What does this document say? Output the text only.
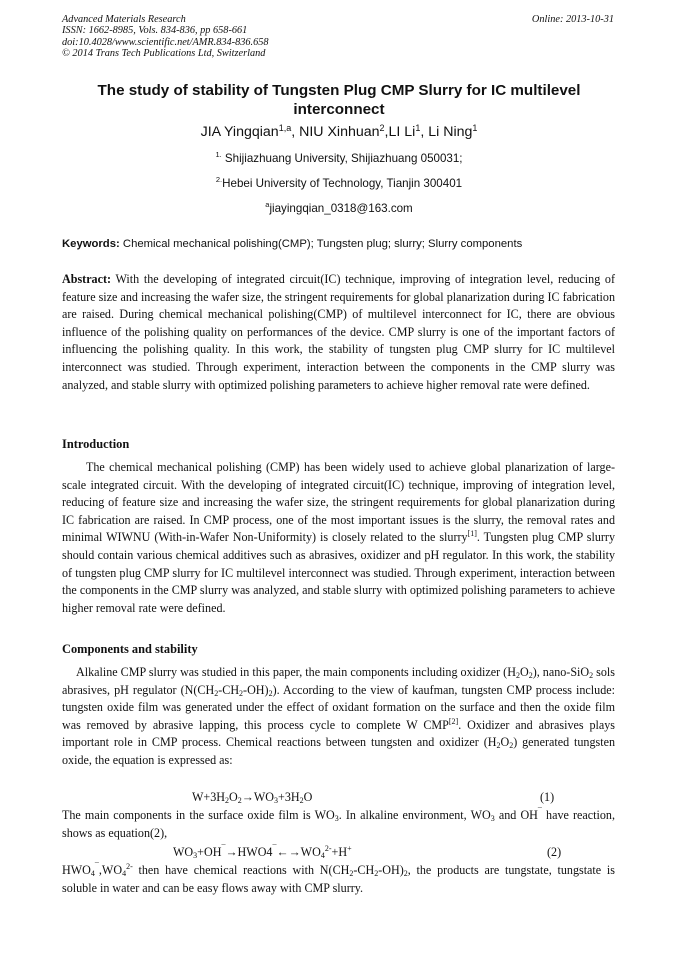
Advanced Materials Research
ISSN: 1662-8985, Vols. 834-836, pp 658-661
doi:10.4028/www.scientific.net/AMR.834-836.658
© 2014 Trans Tech Publications Ltd, Switzerland
Online: 2013-10-31
The study of stability of Tungsten Plug CMP Slurry for IC multilevel interconnect
JIA Yingqian$^{1,a}$, NIU Xinhuan$^2$,LI Li$^1$, Li Ning$^1$
$^{1.}$ Shijiazhuang University, Shijiazhuang 050031;
$^{2.}$Hebei University of Technology, Tianjin 300401
$^a$jiayingqian_0318@163.com
Keywords: Chemical mechanical polishing(CMP); Tungsten plug; slurry; Slurry components

Abstract: With the developing of integrated circuit(IC) technique, improving of integration level, reducing of feature size and increasing the wafer size, the stringent requirements for global planarization during IC fabrication are raised. During chemical mechanical polishing(CMP) of multilevel interconnect for IC, there are obvious influence of the polishing quality on performances of the device. CMP slurry is one of the important factors of influencing the polishing quality. In this work, the stability of tungsten plug CMP slurry for IC multilevel interconnect was studied. Through experiment, interaction between the components in the CMP slurry was analyzed, and stable slurry with optimized polishing parameters to achieve higher removal rate were defined.

Introduction

The chemical mechanical polishing (CMP) has been widely used to achieve global planarization of large-scale integrated circuit. With the developing of integrated circuit(IC) technique, improving of integration level, reducing of feature size and increasing the wafer size, the stringent requirements for global planarization during IC fabrication are raised. In CMP process, one of the most important issues is the slurry, the removal rates and minimal WIWNU (With-in-Wafer Non-Uniformity) is closely related to the slurry[1]. Tungsten plug CMP slurry should contain various chemical additives such as abrasives, oxidizer and pH regulator. In this work, the stability of tungsten plug CMP slurry for IC multilevel interconnect was studied. Through experiment, interaction between the components in the CMP slurry was analyzed, and stable slurry with optimized polishing parameters to achieve higher removal rate were defined.

Components and stability

Alkaline CMP slurry was studied in this paper, the main components including oxidizer $(H_2O_2)$, nano-SiO$_2$ sols abrasives, pH regulator $(N(CH_2-CH_2-OH)_2)$. According to the view of kaufman, tungsten CMP process include: tungsten oxide film was generated under the effect of oxidant formation on the surface and then the oxide film was removed by abrasive lapping, this process cycle to complete W CMP[2]. Oxidizer and abrasives plays important role in CMP process. Chemical reactions between tungsten and oxidizer $(H_2O_2)$ generated tungsten oxide, the equation is expressed as:

$W+3H_2O_2\to WO_3+3H_2O$	(1)

The main components in the surface oxide film is $WO_3$. In alkaline environment, $WO_3$ and OH¯ have reaction, shows as equation(2),

$WO_3+OH^¯\to HWO4^¯\leftarrow\to WO_4^{2-}+H^+$	(2)

$HWO_4^¯,WO_4^{2-}$ then have chemical reactions with $N(CH_2-CH_2-OH)_2$, the products are tungstate, tungstate is soluble in water and can be easy flows away with CMP slurry.
